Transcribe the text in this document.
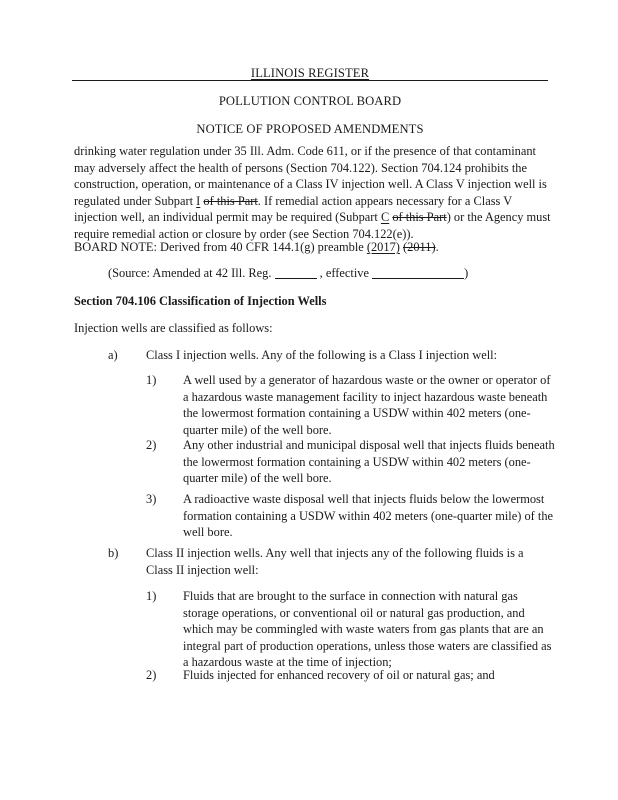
ILLINOIS REGISTER
POLLUTION CONTROL BOARD
NOTICE OF PROPOSED AMENDMENTS
drinking water regulation under 35 Ill. Adm. Code 611, or if the presence of that contaminant
may adversely affect the health of persons (Section 704.122). Section 704.124 prohibits the
construction, operation, or maintenance of a Class IV injection well. A Class V injection well is
regulated under Subpart I of this Part. If remedial action appears necessary for a Class V
injection well, an individual permit may be required (Subpart C of this Part) or the Agency must
require remedial action or closure by order (see Section 704.122(e)).
BOARD NOTE: Derived from 40 CFR 144.1(g) preamble (2017) (2011).
(Source: Amended at 42 Ill. Reg.	, effective	)
Section 704.106 Classification of Injection Wells
Injection wells are classified as follows:
a) Class I injection wells. Any of the following is a Class I injection well:
1) A well used by a generator of hazardous waste or the owner or operator of
a hazardous waste management facility to inject hazardous waste beneath
the lowermost formation containing a USDW within 402 meters (one-
quarter mile) of the well bore.
2) Any other industrial and municipal disposal well that injects fluids beneath
the lowermost formation containing a USDW within 402 meters (one-
quarter mile) of the well bore.
3) A radioactive waste disposal well that injects fluids below the lowermost
formation containing a USDW within 402 meters (one-quarter mile) of the
well bore.
b) Class II injection wells. Any well that injects any of the following fluids is a
Class II injection well:
1) Fluids that are brought to the surface in connection with natural gas
storage operations, or conventional oil or natural gas production, and
which may be commingled with waste waters from gas plants that are an
integral part of production operations, unless those waters are classified as
a hazardous waste at the time of injection;
2) Fluids injected for enhanced recovery of oil or natural gas; and
